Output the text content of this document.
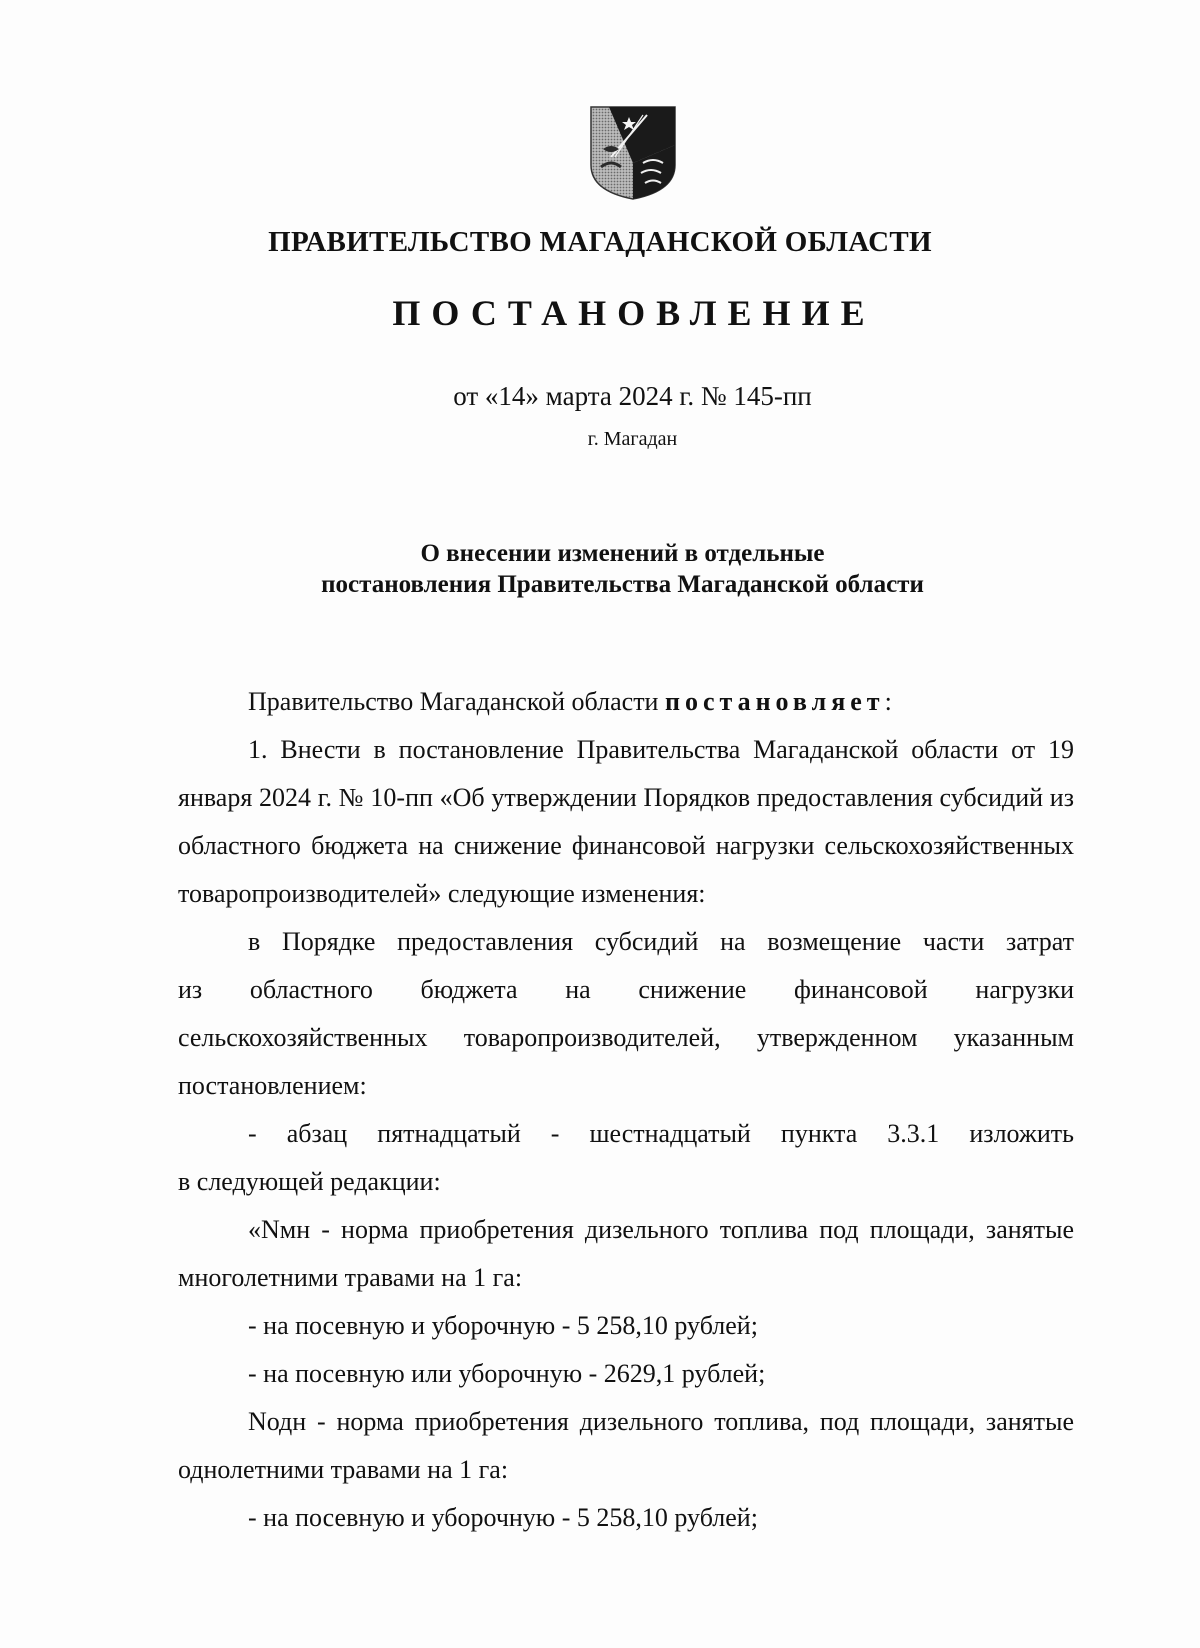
ПРАВИТЕЛЬСТВО МАГАДАНСКОЙ ОБЛАСТИ
ПОСТАНОВЛЕНИЕ
от «14» марта 2024 г. № 145-пп
г. Магадан
О внесении изменений в отдельные
постановления Правительства Магаданской области

Правительство Магаданской области постановляет:

1. Внести в постановление Правительства Магаданской области от 19 января 2024 г. № 10-пп «Об утверждении Порядков предоставления субсидий из областного бюджета на снижение финансовой нагрузки сельскохозяйственных товаропроизводителей» следующие изменения:

в Порядке предоставления субсидий на возмещение части затрат

из областного бюджета на снижение финансовой нагрузки

сельскохозяйственных товаропроизводителей, утвержденном указанным постановлением:

- абзац пятнадцатый - шестнадцатый пункта 3.3.1 изложить

в следующей редакции:

«Nмн - норма приобретения дизельного топлива под площади, занятые многолетними травами на 1 га:

- на посевную и уборочную - 5 258,10 рублей;

- на посевную или уборочную - 2629,1 рублей;

Nодн - норма приобретения дизельного топлива, под площади, занятые однолетними травами на 1 га:

- на посевную и уборочную - 5 258,10 рублей;
